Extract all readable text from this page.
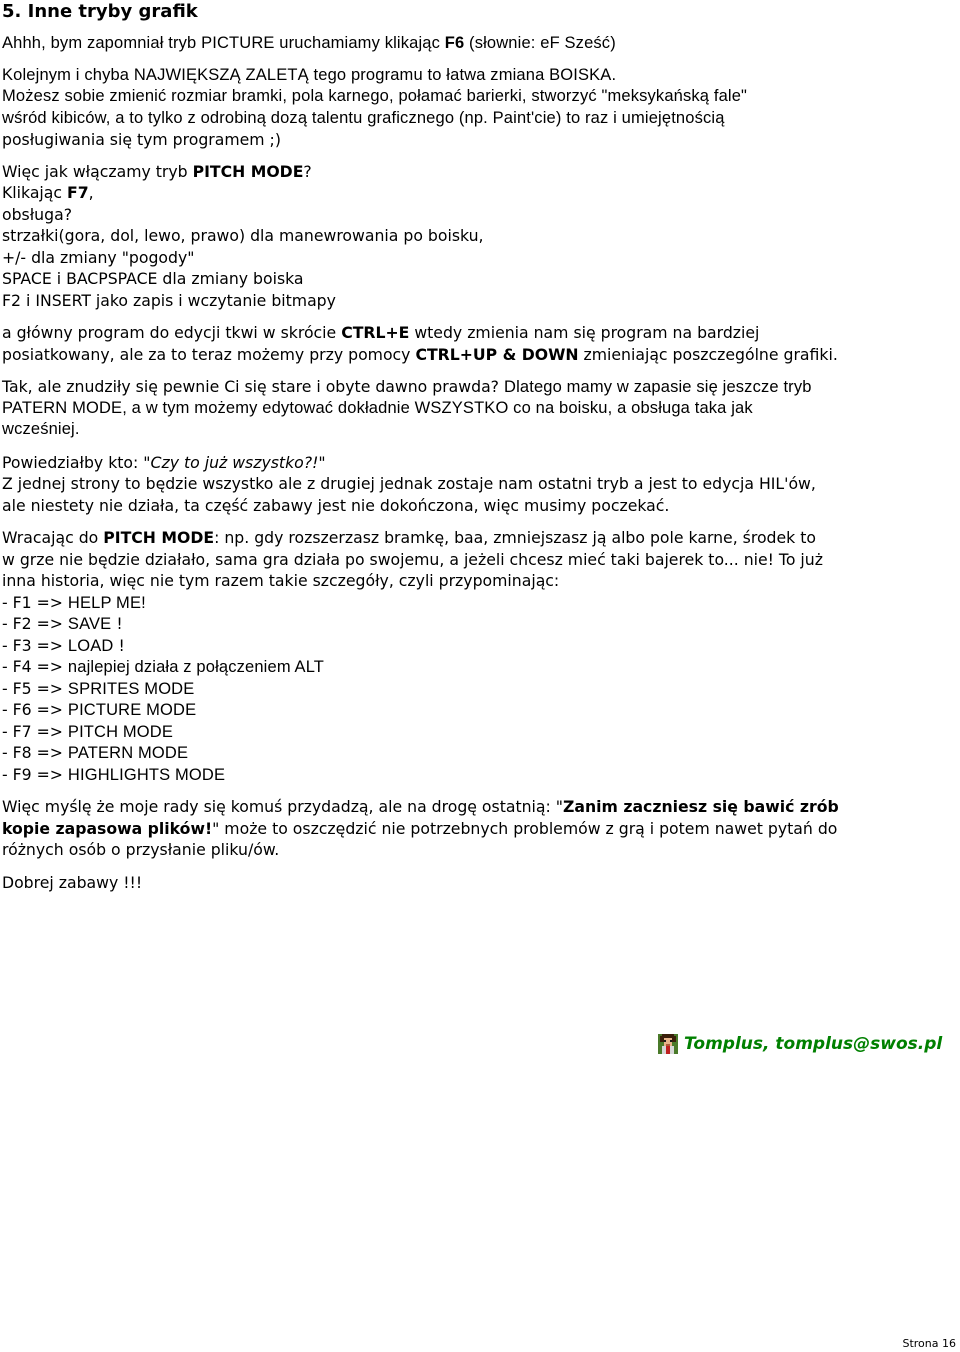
5. Inne tryby grafik
Ahhh, bym zapomniał tryb PICTURE uruchamiamy klikając F6 (słownie: eF Sześć)
Kolejnym i chyba NAJWIĘKSZĄ ZALETĄ tego programu to łatwa zmiana BOISKA.
Możesz sobie zmienić rozmiar bramki, pola karnego, połamać barierki, stworzyć "meksykańską fale"
wśród kibiców, a to tylko z odrobiną dozą talentu graficznego (np. Paint'cie) to raz i umiejętnością
posługiwania się tym programem ;)
Więc jak włączamy tryb PITCH MODE?
Klikając F7,
obsługa?
strzałki(gora, dol, lewo, prawo) dla manewrowania po boisku,
+/- dla zmiany "pogody"
SPACE i BACPSPACE dla zmiany boiska
F2 i INSERT jako zapis i wczytanie bitmapy
a główny program do edycji tkwi w skrócie CTRL+E wtedy zmienia nam się program na bardziej
posiatkowany, ale za to teraz możemy przy pomocy CTRL+UP & DOWN zmieniając poszczególne grafiki.
Tak, ale znudziły się pewnie Ci się stare i obyte dawno prawda? Dlatego mamy w zapasie się jeszcze tryb
PATERN MODE, a w tym możemy edytować dokładnie WSZYSTKO co na boisku, a obsługa taka jak
wcześniej.
Powiedziałby kto: "Czy to już wszystko?!"
Z jednej strony to będzie wszystko ale z drugiej jednak zostaje nam ostatni tryb a jest to edycja HIL'ów,
ale niestety nie działa, ta część zabawy jest nie dokończona, więc musimy poczekać.
Wracając do PITCH MODE: np. gdy rozszerzasz bramkę, baa, zmniejszasz ją albo pole karne, środek to
w grze nie będzie działało, sama gra działa po swojemu, a jeżeli chcesz mieć taki bajerek to... nie! To już
inna historia, więc nie tym razem takie szczegóły, czyli przypominając:
- F1 => HELP ME!
- F2 => SAVE !
- F3 => LOAD !
- F4 => najlepiej działa z połączeniem ALT
- F5 => SPRITES MODE
- F6 => PICTURE MODE
- F7 => PITCH MODE
- F8 => PATERN MODE
- F9 => HIGHLIGHTS MODE
Więc myślę że moje rady się komuś przydadzą, ale na drogę ostatnią: "Zanim zaczniesz się bawić zrób
kopie zapasowa plików!" może to oszczędzić nie potrzebnych problemów z grą i potem nawet pytań do
różnych osób o przysłanie pliku/ów.
Dobrej zabawy !!!
Tomplus, tomplus@swos.pl
Strona 16
